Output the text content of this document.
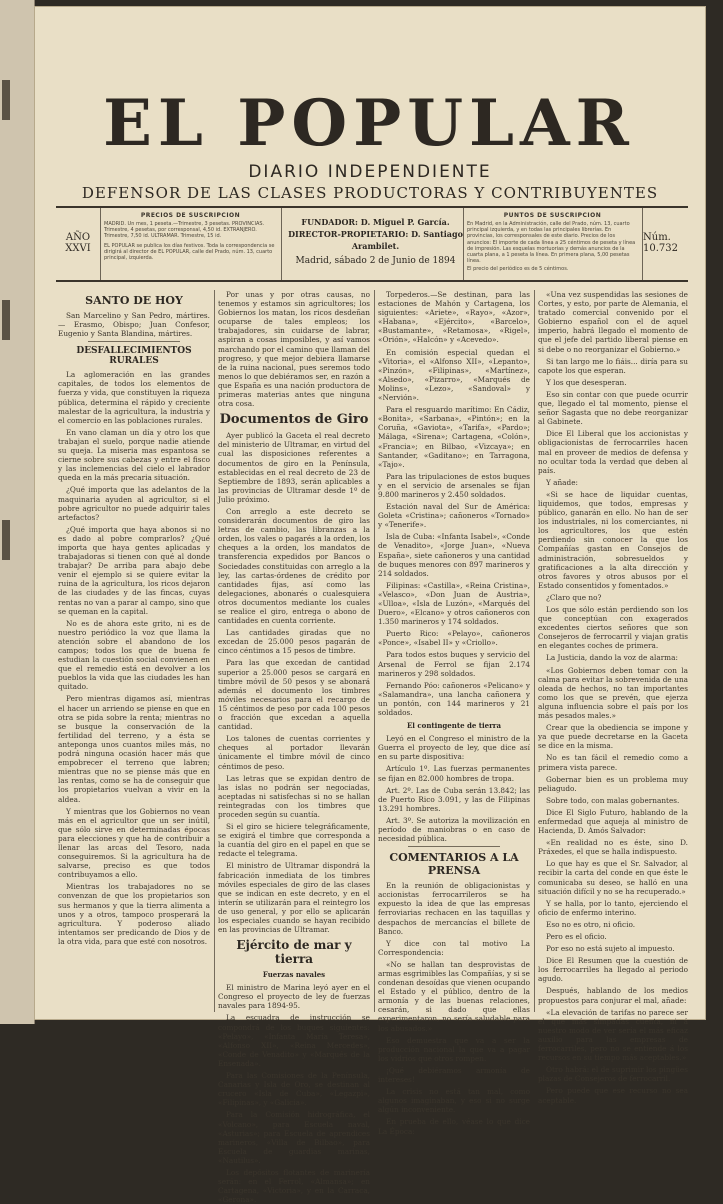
EL POPULAR
DIARIO INDEPENDIENTE
DEFENSOR DE LAS CLASES PRODUCTORAS Y CONTRIBUYENTES
AÑO XXVI
PRECIOS DE SUSCRIPCION
MADRID. Un mes, 1 peseta.—Trimestre, 3 pesetas. PROVINCIAS. Trimestre, 4 pesetas, por corresponsal, 4,50 id. EXTRANJERO. Trimestre, 7,50 id. ULTRAMAR. Trimestre, 15 id.
EL POPULAR se publica los días festivos. Toda la correspondencia se dirigirá al director de EL POPULAR, calle del Prado, núm. 13, cuarto principal, izquierda.
FUNDADOR: D. Miguel P. García.
DIRECTOR-PROPIETARIO: D. Santiago Arambilet.
Madrid, sábado 2 de Junio de 1894
PUNTOS DE SUSCRIPCION
En Madrid, en la Administración, calle del Prado, núm. 13, cuarto principal izquierda, y en todas las principales librerías. En provincias, los corresponsales de este diario. Precios de los anuncios: El importe de cada línea a 25 céntimos de peseta y línea de impresión. Las esquelas mortuorias y demás anuncios de la cuarta plana, a 1 peseta la línea. En primera plana, 5,00 pesetas línea.
El precio del periódico es de 5 céntimos.
Núm. 10.732
SANTO DE HOY

San Marcelino y San Pedro, mártires. — Erasmo, Obispo; Juan Confesor, Eugenio y Santa Blandina, mártires.

DESFALLECIMIENTOS RURALES

La aglomeración en las grandes capitales, de todos los elementos de fuerza y vida, que constituyen la riqueza pública, determina el rápido y creciente malestar de la agricultura, la industria y el comercio en las poblaciones rurales.

En vano claman un día y otro los que trabajan el suelo, porque nadie atiende su queja. La miseria mas espantosa se cierne sobre sus cabezas y entre el fisco y las inclemencias del cielo el labrador queda en la más precaria situación.

¿Qué importa que las adelantos de la maquinaria ayuden al agricultor, si el pobre agricultor no puede adquirir tales artefactos?

¿Qué importa que haya abonos si no es dado al pobre comprarlos? ¿Qué importa que haya gentes aplicadas y trabajadoras si tienen con qué al donde trabajar? De arriba para abajo debe venir el ejemplo si se quiere evitar la ruina de la agricultura, los ricos dejaron de las ciudades y de las fincas, cuyas rentas no van a parar al campo, sino que se queman en la capital.

No es de ahora este grito, ni es de nuestro periódico la voz que llama la atención sobre el abandono de los campos; todos los que de buena fe estudian la cuestión social convienen en que el remedio está en devolver a los pueblos la vida que las ciudades les han quitado.

Pero mientras digamos así, mientras el hacer un arriendo se piense en que en otra se pida sobre la renta; mientras no se busque la conservación de la fertilidad del terreno, y a ésta se anteponga unos cuantos miles más, no podrá ninguna ocasión hacer más que empobrecer el terreno que labren; mientras que no se piense más que en las rentas, como se ha de conseguir que los propietarios vuelvan a vivir en la aldea.

Y mientras que los Gobiernos no vean más en el agricultor que un ser inútil, que sólo sirve en determinadas épocas para elecciones y que ha de contribuir a llenar las arcas del Tesoro, nada conseguiremos. Si la agricultura ha de salvarse, preciso es que todos contribuyamos a ello.

Mientras los trabajadores no se convenzan de que los propietarios son sus hermanos y que la tierra alimenta a unos y a otros, tampoco prosperará la agricultura. Y poderoso aliado intentamos ser predicando de Dios y de la otra vida, para que esté con nosotros.

Por unas y por otras causas, no tenemos y estamos sin agricultores; los Gobiernos los matan, los ricos desdeñan ocuparse de tales empleos; los trabajadores, sin cuidarse de labrar, aspiran a cosas imposibles, y así vamos marchando por el camino que llaman del progreso, y que mejor debiera llamarse de la ruina nacional, pues seremos todo menos lo que debiéramos ser, en razón a que España es una nación productora de primeras materias antes que ninguna otra cosa.

Documentos de Giro

Ayer publicó la Gaceta el real decreto del ministerio de Ultramar, en virtud del cual las disposiciones referentes a documentos de giro en la Península, establecidas en el real decreto de 23 de Septiembre de 1893, serán aplicables a las provincias de Ultramar desde 1º de Julio próximo.

Con arreglo a este decreto se considerarán documentos de giro las letras de cambio, las libranzas a la orden, los vales o pagarés a la orden, los cheques a la orden, los mandatos de transferencia expedidos por Bancos o Sociedades constituidas con arreglo a la ley, las cartas-órdenes de crédito por cantidades fijas, así como las delegaciones, abonarés o cualesquiera otros documentos mediante los cuales se realice el giro, entrega o abono de cantidades en cuenta corriente.

Las cantidades giradas que no excedan de 25.000 pesos pagarán de cinco céntimos a 15 pesos de timbre.

Para las que excedan de cantidad superior a 25.000 pesos se cargará en timbre móvil de 50 pesos y se abonará además el documento los timbres móviles necesarios para el recargo de 15 céntimos de peso por cada 100 pesos o fracción que excedan a aquella cantidad.

Los talones de cuentas corrientes y cheques al portador llevarán únicamente el timbre móvil de cinco céntimos de peso.

Las letras que se expidan dentro de las islas no podrán ser negociadas, aceptadas ni satisfechas si no se hallan reintegradas con los timbres que proceden según su cuantía.

Si el giro se hiciere telegráficamente, se exigirá el timbre que corresponda a la cuantía del giro en el papel en que se redacte el telegrama.

El ministro de Ultramar dispondrá la fabricación inmediata de los timbres móviles especiales de giro de las clases que se indican en este decreto, y en el interín se utilizarán para el reintegro los de uso general, y por ello se aplicarán los especiales cuando se hayan recibido en las provincias de Ultramar.

Ejército de mar y tierra
Fuerzas navales

El ministro de Marina leyó ayer en el Congreso el proyecto de ley de fuerzas navales para 1894-95.

La escuadra de instrucción se compondrá de los buques siguientes: «Pelayo», «Infanta María Teresa», «Alfonso XII», «Reina Mercedes», «Conde de Venadito» y «Marqués de la Ensenada».

Para las Comisiones de la Península, Canarias y Isla de Oro, se destinan al crucero «Isla de Cuba», «Legazpi», «Filipinas», y «Galicia».

Para la Comisión hidrográfica, el «Volcano», para Escuela naval, «Asturias»; para Escuela de aprendices marineros, «Villa de Bilbao», para Escuela de guardias marinas, «Nautilus».

Los depósitos flotantes de marinería serán: en el Ferrol, «Almansa»; en Cartagena, «Victoria», y en la Carraca, «Gerona».

Torpederos.—Se destinan, para las estaciones de Mahón y Cartagena, los siguientes: «Ariete», «Rayo», «Azor», «Habana», «Ejército», «Barcelo», «Bustamante», «Retamosa», «Rigel», «Orión», «Halcón» y «Acevedo».

En comisión especial quedan el «Vitoria», el «Alfonso XII», «Lepanto», «Pinzón», «Filipinas», «Martínez», «Alsedo», «Pizarro», «Marqués de Molins», «Lezo», «Sandoval» y «Nervión».

Para el resguardo marítimo: En Cádiz, «Bonita», «Sarbana», «Pintón»; en la Coruña, «Gaviota», «Tarifa», «Pardo»; Málaga, «Sirena»; Cartagena, «Colón», «Francia»; en Bilbao, «Vizcaya»; en Santander, «Gaditano»; en Tarragona, «Tajo».

Para las tripulaciones de estos buques y en el servicio de arsenales se fijan 9.800 marineros y 2.450 soldados.

Estación naval del Sur de América: Goleta «Cristina»; cañoneros «Tornado» y «Tenerife».

Isla de Cuba: «Infanta Isabel», «Conde de Venadito», «Jorge Juan», «Nueva España», siete cañoneros y una cantidad de buques menores con 897 marineros y 214 soldados.

Filipinas: «Castilla», «Reina Cristina», «Velasco», «Don Juan de Austria», «Ulloa», «Isla de Luzón», «Marqués del Duero», «Elcano» y otros cañoneros con 1.350 marineros y 174 soldados.

Puerto Rico: «Pelayo», cañoneros «Ponce», «Isabel II» y «Criollo».

Para todos estos buques y servicio del Arsenal de Ferrol se fijan 2.174 marineros y 298 soldados.

Fernando Póo: cañoneros «Pelicano» y «Salamandra», una lancha cañonera y un pontón, con 144 marineros y 21 soldados.

El contingente de tierra

Leyó en el Congreso el ministro de la Guerra el proyecto de ley, que dice así en su parte dispositiva:

Artículo 1º. Las fuerzas permanentes se fijan en 82.000 hombres de tropa.

Art. 2º. Las de Cuba serán 13.842; las de Puerto Rico 3.091, y las de Filipinas 13.291 hombres.

Art. 3º. Se autoriza la movilización en período de maniobras o en caso de necesidad pública.

COMENTARIOS A LA PRENSA

En la reunión de obligacionistas y accionistas ferrocarrileros se ha expuesto la idea de que las empresas ferroviarias rechacen en las taquillas y despachos de mercancías el billete de Banco.

Y dice con tal motivo La Correspondencia:

«No se hallan tan desprovistas de armas esgrimibles las Compañías, y si se condenan desoídas que vienen ocupando el Estado y el público, dentro de la armonía y de las buenas relaciones, cesarán, si dado que ellas experimentaron, no sería saludable para los abusados.»

Eso demuestra que va a ser la producción nacional la que va a pagar los vidrios que otros rompen.

¡Qué debiéramos armonía de intereses!

La crisis no está tan mal, como algunos imaginaban, y eso si no surge algún inconveniente.

En prueba de ello, véase lo que dice La Época:

«Una vez suspendidas las sesiones de Cortes, y esto, por parte de Alemania, el tratado comercial convenido por el Gobierno español con el de aquel imperio, habrá llegado el momento de que el jefe del partido liberal piense en si debe o no reorganizar el Gobierno.»

Si tan largo me lo fiáis... diría para su capote los que esperan.

Y los que desesperan.

Eso sin contar con que puede ocurrir que, llegado el tal momento, piense el señor Sagasta que no debe reorganizar al Gabinete.

Dice El Liberal que los accionistas y obligacionistas de ferrocarriles hacen mal en proveer de medios de defensa y no ocultar toda la verdad que deben al país.

Y añade:

«Si se hace de liquidar cuentas, liquidemos, que todos, empresas y público, ganarán en ello. No han de ser los industriales, ni los comerciantes, ni los agricultores, los que estén perdiendo sin conocer la que los Compañías gastan en Consejos de administración, sobresueldos y gratificaciones a la alta dirección y otros favores y otros abusos por el Estado consentidos y fomentados.»

¿Claro que no?

Los que sólo están perdiendo son los que conceptúan con exagerados excedentes ciertos señores que son Consejeros de ferrocarril y viajan gratis en elegantes coches de primera.

La Justicia, dando la voz de alarma:

«Los Gobiernos deben tomar con la calma para evitar la sobrevenida de una oleada de hechos, no tan importantes como los que se prevén, que ejerza alguna influencia sobre el país por los más pesados males.»

Crear que la obediencia se impone y ya que puede decretarse en la Gaceta se dice en la misma.

No es tan fácil el remedio como a primera vista parece.

Gobernar bien es un problema muy peliagudo.

Sobre todo, con malas gobernantes.

Dice El Siglo Futuro, hablando de la enfermedad que aqueja al ministro de Hacienda, D. Amós Salvador:

«En realidad no es éste, sino D. Práxedes, el que se halla indispuesto.

Lo que hay es que el Sr. Salvador, al recibir la carta del conde en que éste le comunicaba su deseo, se halló en una situación difícil y no se ha recuperado.»

Y se halla, por lo tanto, ejerciendo el oficio de enfermo interino.

Eso no es otro, ni oficio.

Pero es el oficio.

Por eso no está sujeto al impuesto.

Dice El Resumen que la cuestión de los ferrocarriles ha llegado al periodo agudo.

Después, hablando de los medios propuestos para conjurar el mal, añade:

«La elevación de tarifas no parece ser el que más simpatías cuenta, ni á nuestro modo de ver sería el más eficaz auxilio para las empresas de ferrocarriles, pero no se entiende á los recursos en su tiempo más aceptables.»

Otro habrá: el de suprimir los pingües plazas de Consejeros de ferrocarril.

Pero puede que ese recurso no sea aceptable.
